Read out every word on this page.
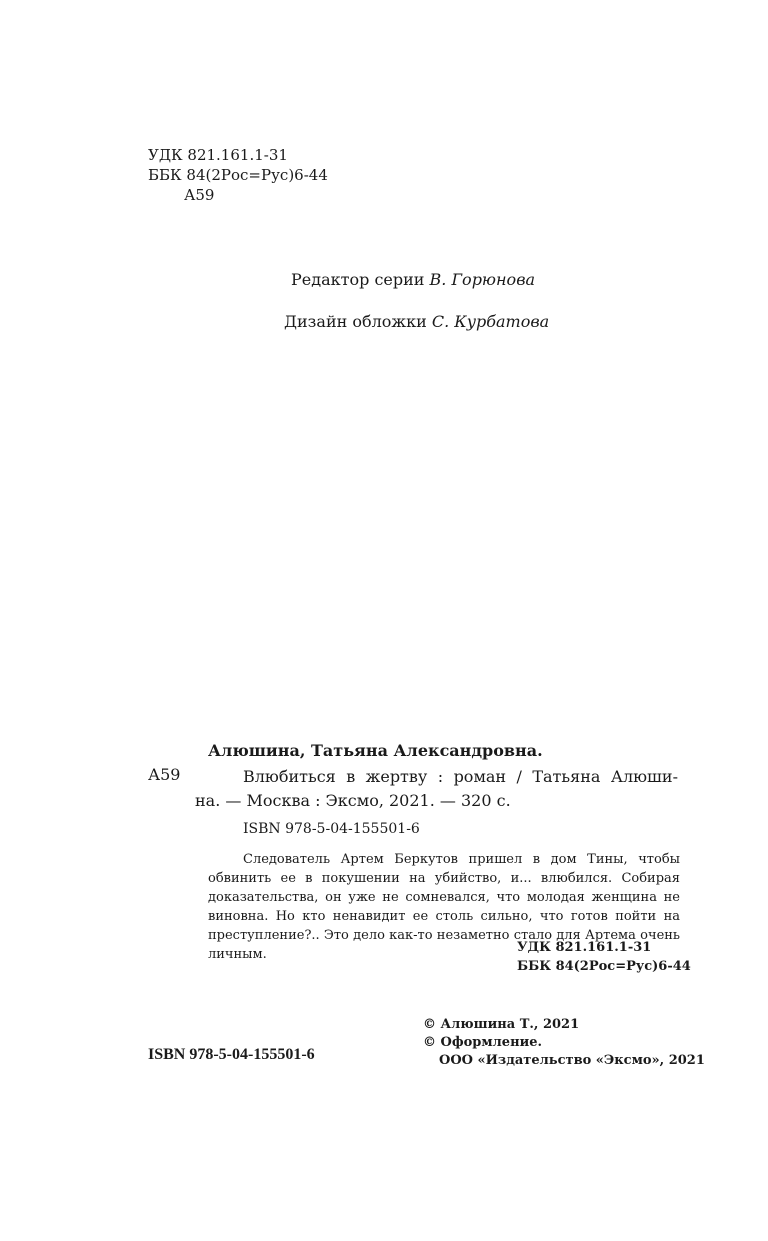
УДК 821.161.1-31
ББК 84(2Рос=Рус)6-44
А59
Редактор серии В. Горюнова
Дизайн обложки С. Курбатова
Алюшина, Татьяна Александровна.
А59	Влюбиться в жертву : роман / Татьяна Алюши-
на. — Москва : Эксмо, 2021. — 320 с.
ISBN 978-5-04-155501-6

Следователь Артем Беркутов пришел в дом Тины, чтобы обвинить ее в покушении на убийство, и... влюбился. Собирая доказательства, он уже не сомневался, что молодая женщина не виновна. Но кто ненавидит ее столь сильно, что готов пойти на преступление?.. Это дело как-то незаметно стало для Артема очень личным.	УДК 821.161.1-31
ББК 84(2Рос=Рус)6-44
© Алюшина Т., 2021
© Оформление.
ООО «Издательство «Эксмо», 2021
ISBN 978-5-04-155501-6
